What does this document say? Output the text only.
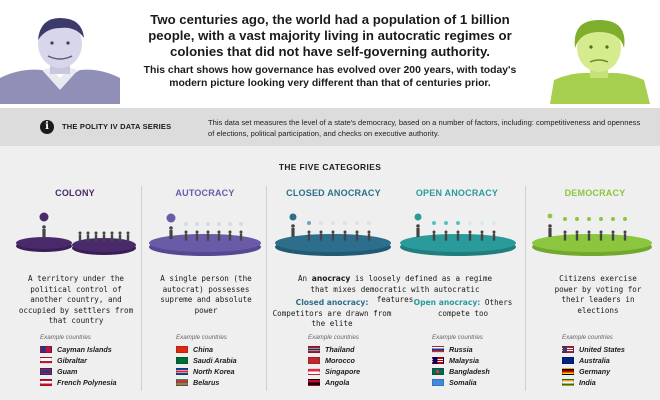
Two centuries ago, the world had a population of 1 billion people, with a vast majority living in autocratic regimes or colonies that did not have self-governing authority.
This chart shows how governance has evolved over 200 years, with today's modern picture looking very different than that of centuries prior.
i	THE POLITY IV DATA SERIES	This data set measures the level of a state's democracy, based on a number of factors, including: competitiveness and openness of elections, political participation, and checks on executive authority.
THE FIVE CATEGORIES
COLONY	AUTOCRACY	CLOSED ANOCRACY	OPEN ANOCRACY	DEMOCRACY
A territory under the political control of another country, and occupied by settlers from that country
A single person (the autocrat) possesses supreme and absolute power
An anocracy is loosely defined as a regime that mixes democratic with autocratic features
Closed anocracy: Competitors are drawn from the elite
Open anocracy: Others compete too
Citizens exercise power by voting for their leaders in elections
Example countries	Example countries	Example countries	Example countries	Example countries
Cayman Islands
Gibraltar
Guam
French Polynesia
China
Saudi Arabia
North Korea
Belarus
Thailand
Morocco
Singapore
Angola
Russia
Malaysia
Bangladesh
Somalia
United States
Australia
Germany
India
